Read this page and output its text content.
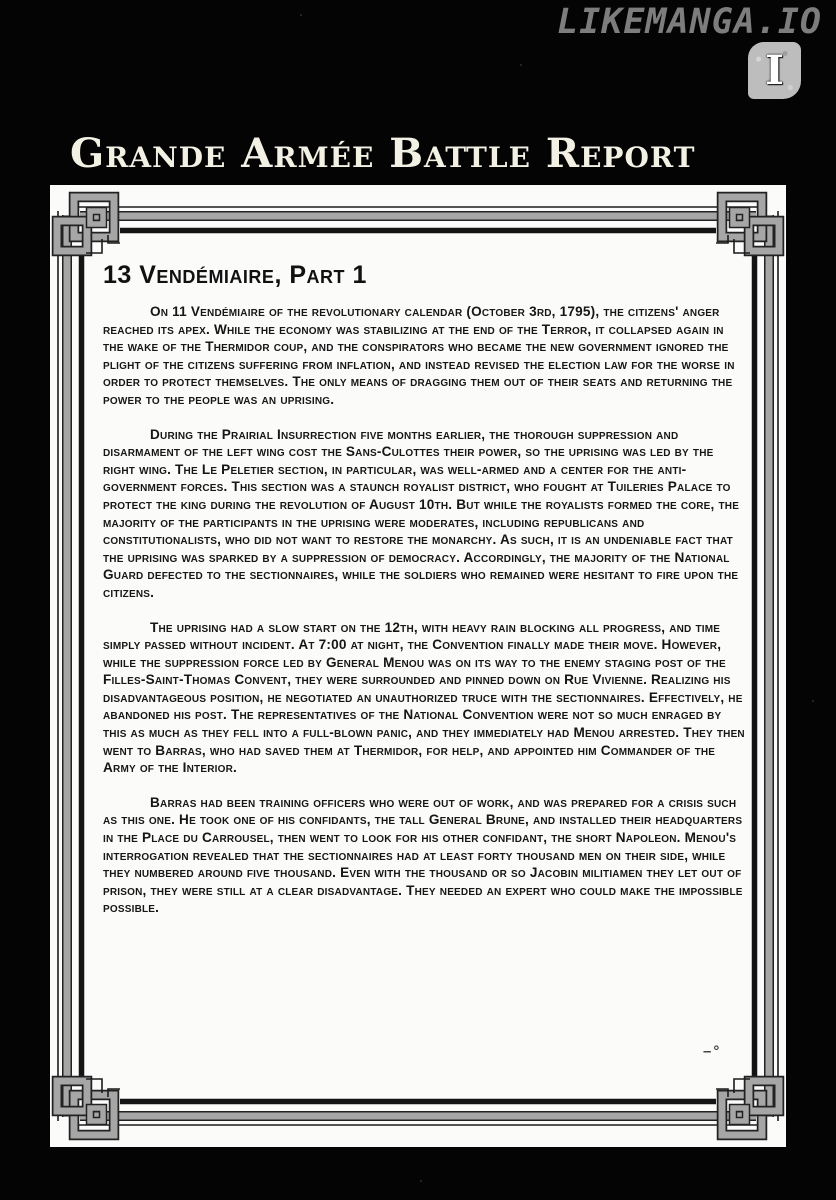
LIKEMANGA.IO
I
Grande Armée Battle Report
13 Vendémiaire, Part 1

On 11 Vendémiaire of the revolutionary calendar (October 3rd, 1795), the citizens' anger reached its apex. While the economy was stabilizing at the end of the Terror, it collapsed again in the wake of the Thermidor coup, and the conspirators who became the new government ignored the plight of the citizens suffering from inflation, and instead revised the election law for the worse in order to protect themselves. The only means of dragging them out of their seats and returning the power to the people was an uprising.

During the Prairial Insurrection five months earlier, the thorough suppression and disarmament of the left wing cost the Sans-Culottes their power, so the uprising was led by the right wing. The Le Peletier section, in particular, was well-armed and a center for the anti-government forces. This section was a staunch royalist district, who fought at Tuileries Palace to protect the king during the revolution of August 10th. But while the royalists formed the core, the majority of the participants in the uprising were moderates, including republicans and constitutionalists, who did not want to restore the monarchy. As such, it is an undeniable fact that the uprising was sparked by a suppression of democracy. Accordingly, the majority of the National Guard defected to the sectionnaires, while the soldiers who remained were hesitant to fire upon the citizens.

The uprising had a slow start on the 12th, with heavy rain blocking all progress, and time simply passed without incident. At 7:00 at night, the Convention finally made their move. However, while the suppression force led by General Menou was on its way to the enemy staging post of the Filles-Saint-Thomas Convent, they were surrounded and pinned down on Rue Vivienne. Realizing his disadvantageous position, he negotiated an unauthorized truce with the sectionnaires. Effectively, he abandoned his post. The representatives of the National Convention were not so much enraged by this as much as they fell into a full-blown panic, and they immediately had Menou arrested. They then went to Barras, who had saved them at Thermidor, for help, and appointed him Commander of the Army of the Interior.

Barras had been training officers who were out of work, and was prepared for a crisis such as this one. He took one of his confidants, the tall General Brune, and installed their headquarters in the Place du Carrousel, then went to look for his other confidant, the short Napoleon. Menou's interrogation revealed that the sectionnaires had at least forty thousand men on their side, while they numbered around five thousand. Even with the thousand or so Jacobin militiamen they let out of prison, they were still at a clear disadvantage. They needed an expert who could make the impossible possible.

–°
